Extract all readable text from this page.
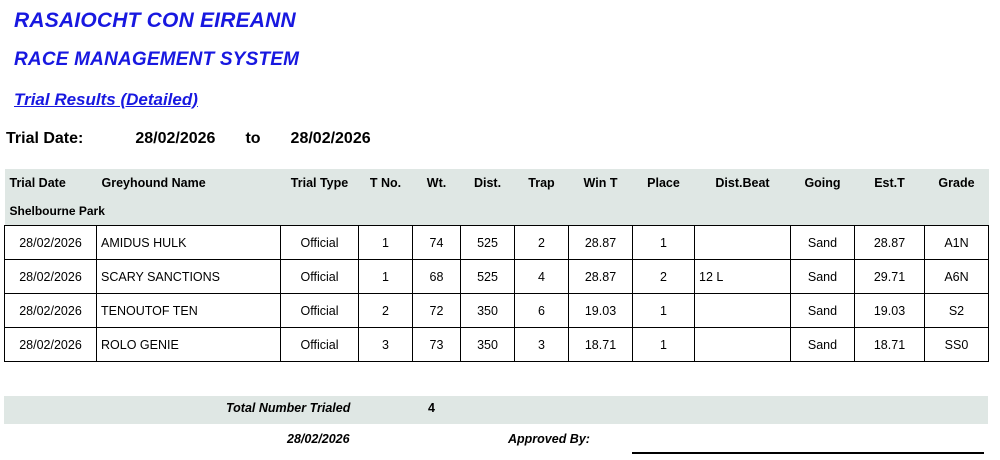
RASAIOCHT CON EIREANN
RACE MANAGEMENT SYSTEM
Trial Results (Detailed)
Trial Date:	28/02/2026 to 28/02/2026
Trial Date	Greyhound Name	Trial Type	T No.	Wt.	Dist.	Trap	Win T	Place	Dist.Beat	Going	Est.T	Grade
Shelbourne Park												
28/02/2026	AMIDUS HULK	Official	1	74	525	2	28.87	1		Sand	28.87	A1N
28/02/2026	SCARY SANCTIONS	Official	1	68	525	4	28.87	2	12 L	Sand	29.71	A6N
28/02/2026	TENOUTOF TEN	Official	2	72	350	6	19.03	1		Sand	19.03	S2
28/02/2026	ROLO GENIE	Official	3	73	350	3	18.71	1		Sand	18.71	SS0
Total Number Trialed	4
28/02/2026	Approved By:
